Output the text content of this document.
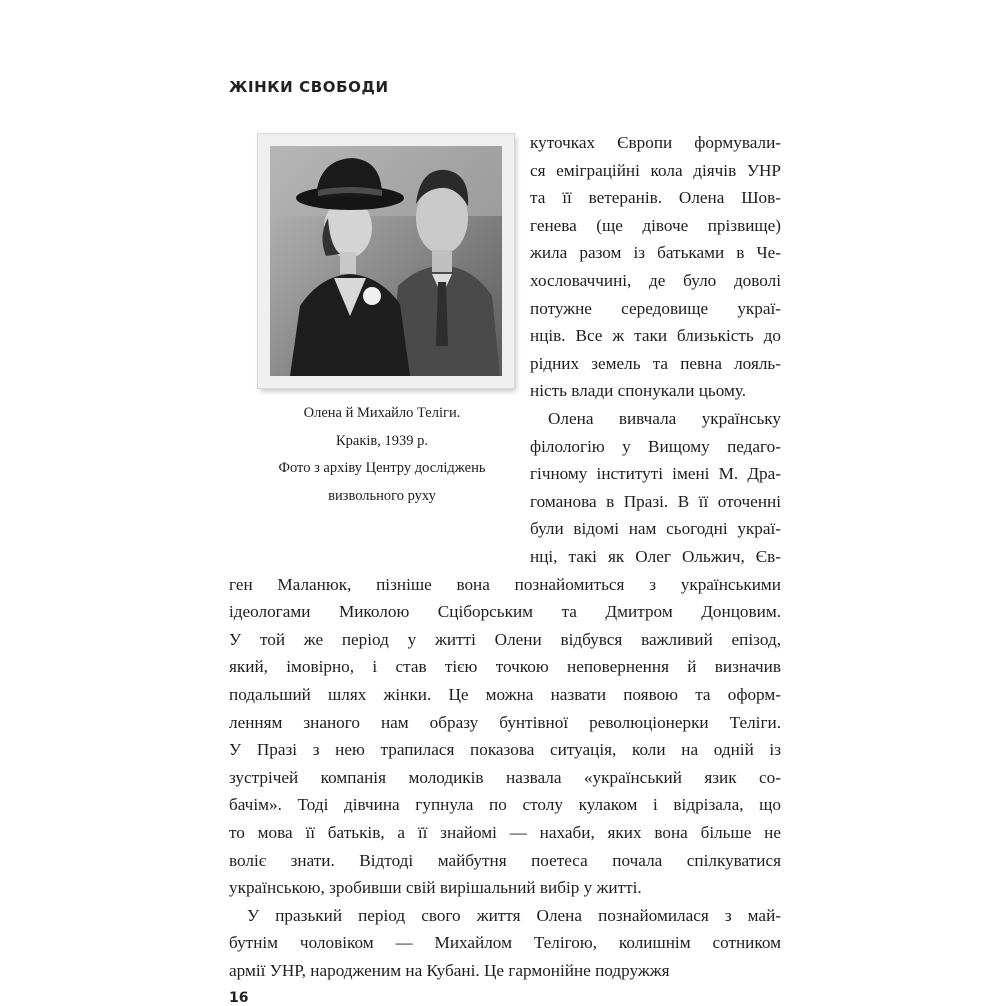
ЖІНКИ СВОБОДИ
Олена й Михайло Теліги.
Краків, 1939 р.
Фото з архіву Центру досліджень
визвольного руху
куточках Європи формували-
ся еміграційні кола діячів УНР
та її ветеранів. Олена Шов-
генева (ще дівоче прізвище)
жила разом із батьками в Че-
хословаччині, де було доволі
потужне середовище украї-
нців. Все ж таки близькість до
рідних земель та певна лояль-
ність влади спонукали цьому.
Олена вивчала українську
філологію у Вищому педаго-
гічному інституті імені М. Дра-
гоманова в Празі. В її оточенні
були відомі нам сьогодні украї-
нці, такі як Олег Ольжич, Єв-
ген Маланюк, пізніше вона познайомиться з українськими
ідеологами Миколою Сціборським та Дмитром Донцовим.
У той же період у житті Олени відбувся важливий епізод,
який, імовірно, і став тією точкою неповернення й визначив
подальший шлях жінки. Це можна назвати появою та оформ-
ленням знаного нам образу бунтівної революціонерки Теліги.
У Празі з нею трапилася показова ситуація, коли на одній із
зустрічей компанія молодиків назвала «український язик со-
бачім». Тоді дівчина гупнула по столу кулаком і відрізала, що
то мова її батьків, а її знайомі — нахаби, яких вона більше не
воліє знати. Відтоді майбутня поетеса почала спілкуватися
українською, зробивши свій вирішальний вибір у житті.
У празький період свого життя Олена познайомилася з май-
16
бутнім чоловіком — Михайлом Телігою, колишнім сотником
армії УНР, народженим на Кубані. Це гармонійне подружжя
